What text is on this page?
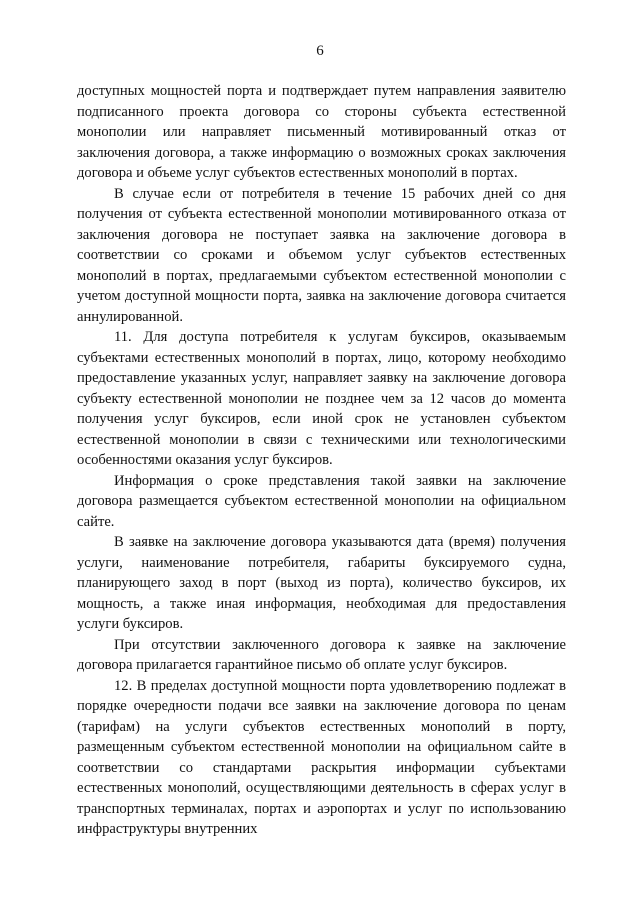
6

доступных мощностей порта и подтверждает путем направления заявителю подписанного проекта договора со стороны субъекта естественной монополии или направляет письменный мотивированный отказ от заключения договора, а также информацию о возможных сроках заключения договора и объеме услуг субъектов естественных монополий в портах.

В случае если от потребителя в течение 15 рабочих дней со дня получения от субъекта естественной монополии мотивированного отказа от заключения договора не поступает заявка на заключение договора в соответствии со сроками и объемом услуг субъектов естественных монополий в портах, предлагаемыми субъектом естественной монополии с учетом доступной мощности порта, заявка на заключение договора считается аннулированной.

11. Для доступа потребителя к услугам буксиров, оказываемым субъектами естественных монополий в портах, лицо, которому необходимо предоставление указанных услуг, направляет заявку на заключение договора субъекту естественной монополии не позднее чем за 12 часов до момента получения услуг буксиров, если иной срок не установлен субъектом естественной монополии в связи с техническими или технологическими особенностями оказания услуг буксиров.

Информация о сроке представления такой заявки на заключение договора размещается субъектом естественной монополии на официальном сайте.

В заявке на заключение договора указываются дата (время) получения услуги, наименование потребителя, габариты буксируемого судна, планирующего заход в порт (выход из порта), количество буксиров, их мощность, а также иная информация, необходимая для предоставления услуги буксиров.

При отсутствии заключенного договора к заявке на заключение договора прилагается гарантийное письмо об оплате услуг буксиров.

12. В пределах доступной мощности порта удовлетворению подлежат в порядке очередности подачи все заявки на заключение договора по ценам (тарифам) на услуги субъектов естественных монополий в порту, размещенным субъектом естественной монополии на официальном сайте в соответствии со стандартами раскрытия информации субъектами естественных монополий, осуществляющими деятельность в сферах услуг в транспортных терминалах, портах и аэропортах и услуг по использованию инфраструктуры внутренних
